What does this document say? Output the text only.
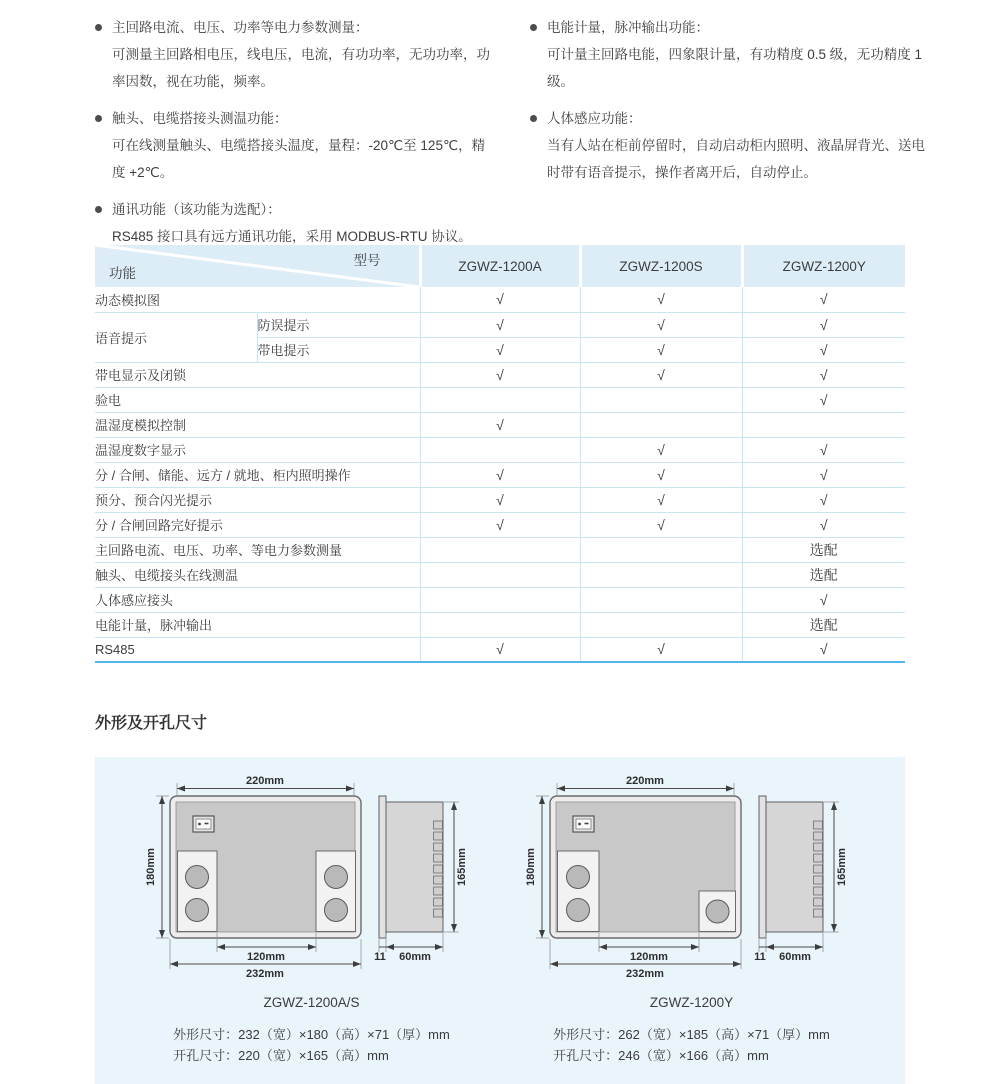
主回路电流、电压、功率等电力参数测量：
可测量主回路相电压，线电压，电流，有功功率，无功功率，功率因数，视在功能，频率。
触头、电缆搭接头测温功能：
可在线测量触头、电缆搭接头温度，量程：-20℃至 125℃，精度 +2℃。
通讯功能（该功能为选配）：
RS485 接口具有远方通讯功能，采用 MODBUS-RTU 协议。
电能计量，脉冲输出功能：
可计量主回路电能，四象限计量，有功精度 0.5 级，无功精度 1 级。
人体感应功能：
当有人站在柜前停留时，自动启动柜内照明、液晶屏背光、送电时带有语音提示，操作者离开后，自动停止。
型号
功能		ZGWZ-1200A	ZGWZ-1200S	ZGWZ-1200Y
动态模拟图		√	√	√
语音提示	防误提示	√	√	√
	带电提示	√	√	√
带电显示及闭锁		√	√	√
验电				√
温湿度模拟控制		√		
温湿度数字显示			√	√
分 / 合闸、储能、远方 / 就地、柜内照明操作		√	√	√
预分、预合闪光提示		√	√	√
分 / 合闸回路完好提示		√	√	√
主回路电流、电压、功率、等电力参数测量				选配
触头、电缆接头在线测温				选配
人体感应接头				√
电能计量，脉冲输出				选配
RS485		√	√	√
外形及开孔尺寸
220mm
180mm
120mm
232mm
11 60mm
165mm
ZGWZ-1200A/S
外形尺寸：232（宽）×180（高）×71（厚）mm
开孔尺寸：220（宽）×165（高）mm
220mm
180mm
120mm
232mm
11 60mm
165mm
ZGWZ-1200Y
外形尺寸：262（宽）×185（高）×71（厚）mm
开孔尺寸：246（宽）×166（高）mm
